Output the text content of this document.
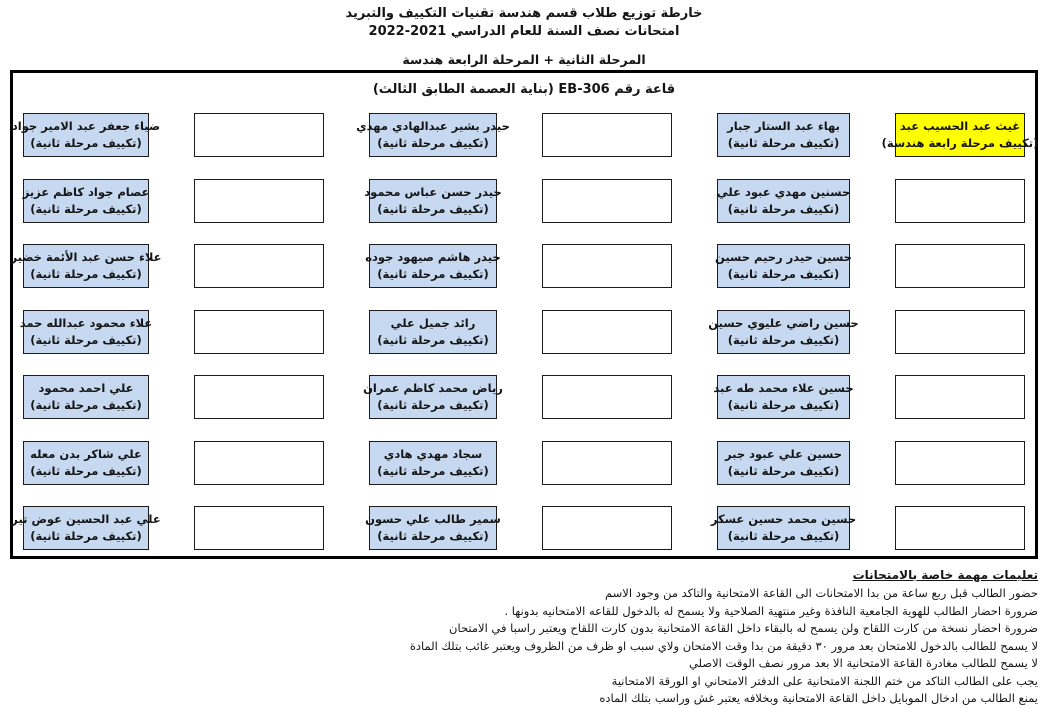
خارطة توزيع طلاب قسم هندسة تقنيات التكييف والتبريد
امتحانات نصف السنة للعام الدراسي 2021-2022
المرحلة الثانية + المرحلة الرابعة هندسة
قاعة رقم EB-306 (بناية العصمة الطابق الثالث)
ضياء جعفر عبد الامير جواد
(تكييف مرحلة ثانية)
حيدر بشير عبدالهادي مهدي
(تكييف مرحلة ثانية)
بهاء عبد الستار جبار
(تكييف مرحلة ثانية)
غيث عبد الحسيب عبد
(تكييف مرحلة رابعة هندسة)
عصام جواد كاظم عزيز
(تكييف مرحلة ثانية)
حيدر حسن عباس محمود
(تكييف مرحلة ثانية)
حسنين مهدي عبود علي
(تكييف مرحلة ثانية)
علاء حسن عبد الأئمة خضير
(تكييف مرحلة ثانية)
حيدر هاشم صيهود جوده
(تكييف مرحلة ثانية)
حسين حيدر رحيم حسين
(تكييف مرحلة ثانية)
علاء محمود عبدالله حمد
(تكييف مرحلة ثانية)
رائد جميل علي
(تكييف مرحلة ثانية)
حسين راضي عليوي حسين
(تكييف مرحلة ثانية)
علي احمد محمود
(تكييف مرحلة ثانية)
رياض محمد كاظم عمران
(تكييف مرحلة ثانية)
حسين علاء محمد طه عبد
(تكييف مرحلة ثانية)
علي شاكر بدن معله
(تكييف مرحلة ثانية)
سجاد مهدي هادي
(تكييف مرحلة ثانية)
حسين علي عبود جبر
(تكييف مرحلة ثانية)
علي عبد الحسين عوض تير
(تكييف مرحلة ثانية)
سمير طالب علي حسون
(تكييف مرحلة ثانية)
حسين محمد حسين عسكر
(تكييف مرحلة ثانية)
تعليمات مهمة خاصة بالامتحانات
حضور الطالب قبل ربع ساعة من بدا الامتحانات الى القاعة الامتحانية والتاكد من وجود الاسم
ضرورة احضار الطالب للهوية الجامعية النافذة وغير منتهية الصلاحية ولا يسمح له بالدخول للقاعه الامتحانيه بدونها .
ضرورة احضار نسخة من كارت اللقاح ولن يسمح له بالبقاء داخل القاعة الامتحانية بدون كارت اللقاح ويعتبر راسبا في الامتحان
لا يسمح للطالب بالدخول للامتحان بعد مرور ٣٠ دقيقة من بدا وقت الامتحان ولاي سبب او ظرف من الظروف ويعتبر غائب بتلك المادة
لا يسمح للطالب مغادرة القاعة الامتحانية الا بعد مرور نصف الوقت الاصلي
يجب على الطالب التاكد من ختم اللجنة الامتحانية على الدفتر الامتحاني او الورقة الامتحانية
يمنع الطالب من ادخال الموبايل داخل القاعة الامتحانية وبخلافه يعتبر غش وراسب بتلك الماده
